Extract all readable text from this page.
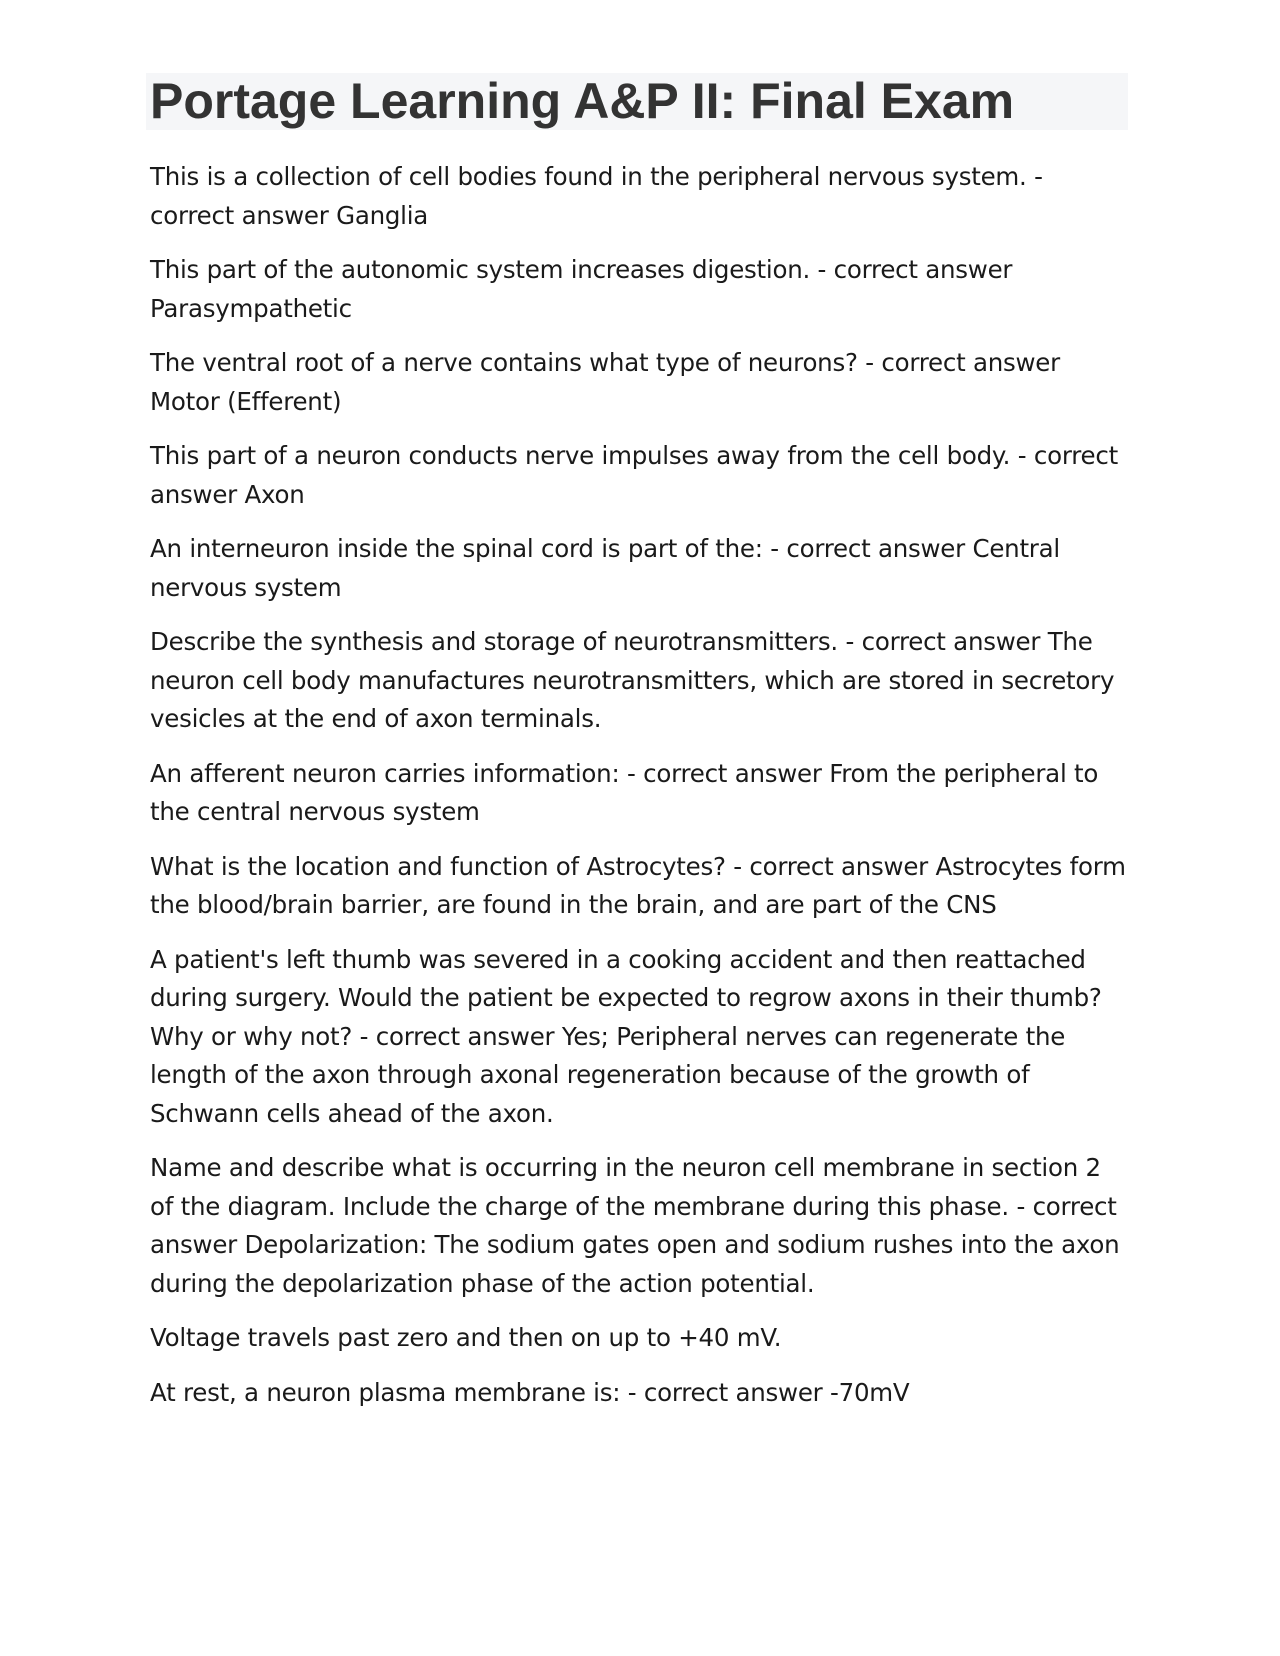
Portage Learning A&P II: Final Exam

This is a collection of cell bodies found in the peripheral nervous system. - correct answer Ganglia

This part of the autonomic system increases digestion. - correct answer Parasympathetic

The ventral root of a nerve contains what type of neurons? - correct answer Motor (Efferent)

This part of a neuron conducts nerve impulses away from the cell body. - correct answer Axon

An interneuron inside the spinal cord is part of the: - correct answer Central nervous system

Describe the synthesis and storage of neurotransmitters. - correct answer The neuron cell body manufactures neurotransmitters, which are stored in secretory vesicles at the end of axon terminals.

An afferent neuron carries information: - correct answer From the peripheral to the central nervous system

What is the location and function of Astrocytes? - correct answer Astrocytes form the blood/brain barrier, are found in the brain, and are part of the CNS

A patient's left thumb was severed in a cooking accident and then reattached during surgery. Would the patient be expected to regrow axons in their thumb? Why or why not? - correct answer Yes; Peripheral nerves can regenerate the length of the axon through axonal regeneration because of the growth of Schwann cells ahead of the axon.

Name and describe what is occurring in the neuron cell membrane in section 2 of the diagram. Include the charge of the membrane during this phase. - correct answer Depolarization: The sodium gates open and sodium rushes into the axon during the depolarization phase of the action potential.

Voltage travels past zero and then on up to +40 mV.

At rest, a neuron plasma membrane is: - correct answer -70mV
